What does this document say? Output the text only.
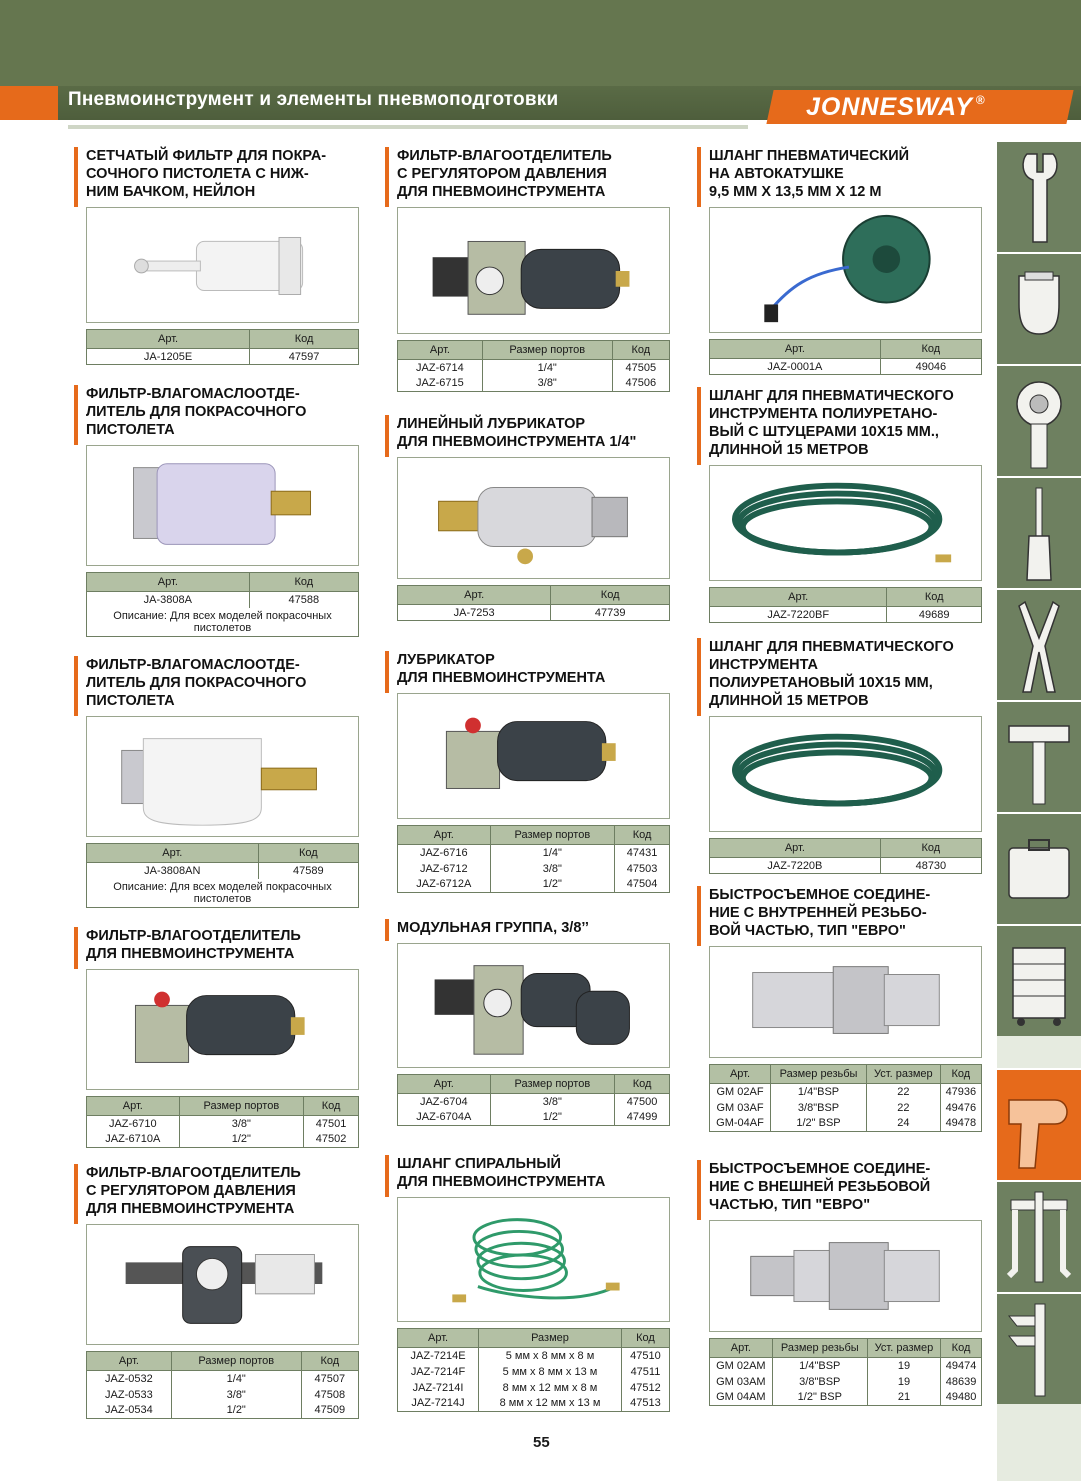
Пневмоинструмент и элементы пневмоподготовки	JONNESWAY ®
СЕТЧАТЫЙ ФИЛЬТР ДЛЯ ПОКРА-
СОЧНОГО ПИСТОЛЕТА С НИЖ-
НИМ БАЧКОМ, НЕЙЛОН
Арт.	Код
JA-1205E	47597
ФИЛЬТР-ВЛАГОМАСЛООТДЕ-
ЛИТЕЛЬ ДЛЯ ПОКРАСОЧНОГО
ПИСТОЛЕТА
Арт.	Код
JA-3808A	47588
Описание: Для всех моделей покрасочных пистолетов	
ФИЛЬТР-ВЛАГОМАСЛООТДЕ-
ЛИТЕЛЬ ДЛЯ ПОКРАСОЧНОГО
ПИСТОЛЕТА
Арт.	Код
JA-3808AN	47589
Описание: Для всех моделей покрасочных пистолетов	
ФИЛЬТР-ВЛАГООТДЕЛИТЕЛЬ
ДЛЯ ПНЕВМОИНСТРУМЕНТА
Арт.	Размер портов	Код
JAZ-6710	3/8"	47501
JAZ-6710A	1/2"	47502
ФИЛЬТР-ВЛАГООТДЕЛИТЕЛЬ
С РЕГУЛЯТОРОМ ДАВЛЕНИЯ
ДЛЯ ПНЕВМОИНСТРУМЕНТА
Арт.	Размер портов	Код
JAZ-0532	1/4"	47507
JAZ-0533	3/8"	47508
JAZ-0534	1/2"	47509
ФИЛЬТР-ВЛАГООТДЕЛИТЕЛЬ
С РЕГУЛЯТОРОМ ДАВЛЕНИЯ
ДЛЯ ПНЕВМОИНСТРУМЕНТА
Арт.	Размер портов	Код
JAZ-6714	1/4"	47505
JAZ-6715	3/8"	47506
ЛИНЕЙНЫЙ ЛУБРИКАТОР
ДЛЯ ПНЕВМОИНСТРУМЕНТА 1/4"
Арт.	Код
JA-7253	47739
ЛУБРИКАТОР
ДЛЯ ПНЕВМОИНСТРУМЕНТА
Арт.	Размер портов	Код
JAZ-6716	1/4"	47431
JAZ-6712	3/8"	47503
JAZ-6712A	1/2"	47504
МОДУЛЬНАЯ ГРУППА, 3/8’’
Арт.	Размер портов	Код
JAZ-6704	3/8"	47500
JAZ-6704A	1/2"	47499
ШЛАНГ СПИРАЛЬНЫЙ
ДЛЯ ПНЕВМОИНСТРУМЕНТА
Арт.	Размер	Код
JAZ-7214E	5 мм х 8 мм х 8 м	47510
JAZ-7214F	5 мм х 8 мм х 13 м	47511
JAZ-7214I	8 мм х 12 мм х 8 м	47512
JAZ-7214J	8 мм х 12 мм х 13 м	47513
ШЛАНГ ПНЕВМАТИЧЕСКИЙ
НА АВТОКАТУШКЕ
9,5 ММ Х 13,5 ММ Х 12 М
Арт.	Код
JAZ-0001A	49046
ШЛАНГ ДЛЯ ПНЕВМАТИЧЕСКОГО
ИНСТРУМЕНТА ПОЛИУРЕТАНО-
ВЫЙ С ШТУЦЕРАМИ 10Х15 ММ.,
ДЛИННОЙ 15 МЕТРОВ
Арт.	Код
JAZ-7220BF	49689
ШЛАНГ ДЛЯ ПНЕВМАТИЧЕСКОГО
ИНСТРУМЕНТА
ПОЛИУРЕТАНОВЫЙ 10Х15 ММ,
ДЛИННОЙ 15 МЕТРОВ
Арт.	Код
JAZ-7220B	48730
БЫСТРОСЪЕМНОЕ СОЕДИНЕ-
НИЕ С ВНУТРЕННЕЙ РЕЗЬБО-
ВОЙ ЧАСТЬЮ, ТИП "ЕВРО"
Арт.	Размер резьбы	Уст. размер	Код
GM 02AF	1/4"BSP	22	47936
GM 03AF	3/8"BSP	22	49476
GM-04AF	1/2" BSP	24	49478
БЫСТРОСЪЕМНОЕ СОЕДИНЕ-
НИЕ С ВНЕШНЕЙ РЕЗЬБОВОЙ
ЧАСТЬЮ, ТИП "ЕВРО"
Арт.	Размер резьбы	Уст. размер	Код
GM 02AM	1/4"BSP	19	49474
GM 03AM	3/8"BSP	19	48639
GM 04AM	1/2" BSP	21	49480
55
